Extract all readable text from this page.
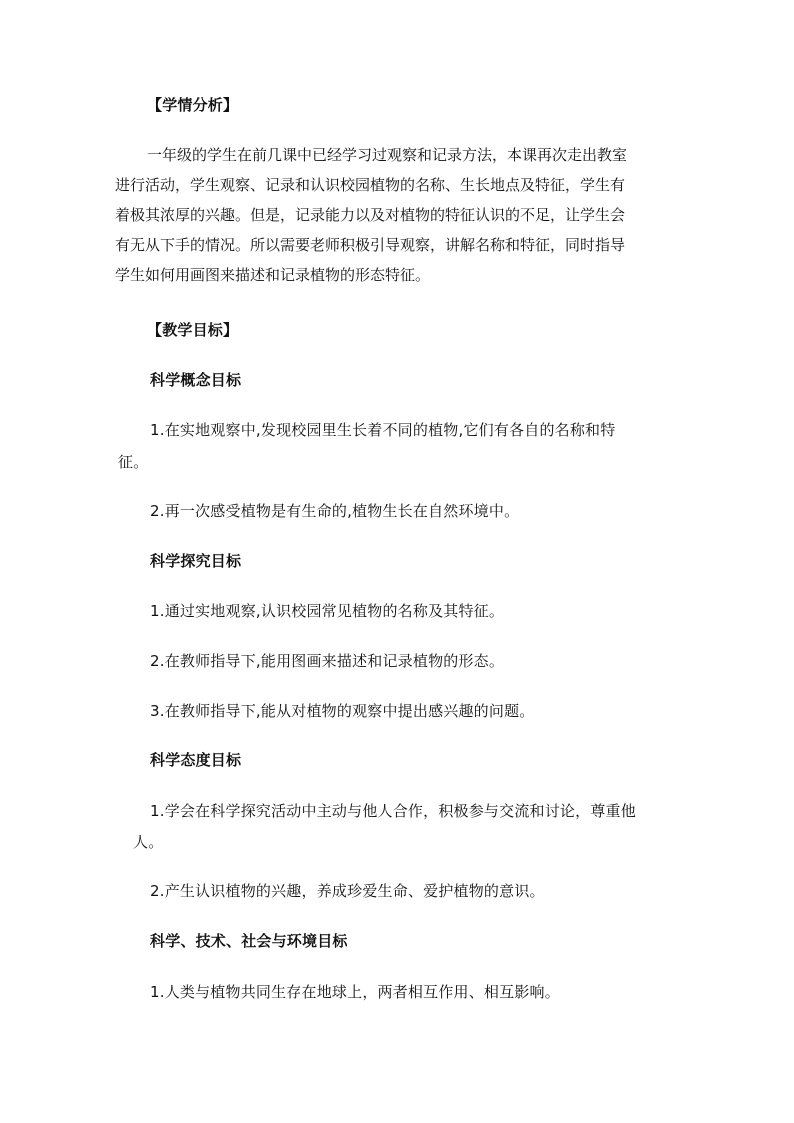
【学情分析】
一年级的学生在前几课中已经学习过观察和记录方法，本课再次走出教室
进行活动，学生观察、记录和认识校园植物的名称、生长地点及特征，学生有
着极其浓厚的兴趣。但是，记录能力以及对植物的特征认识的不足，让学生会
有无从下手的情况。所以需要老师积极引导观察，讲解名称和特征，同时指导
学生如何用画图来描述和记录植物的形态特征。
【教学目标】
科学概念目标
1.在实地观察中,发现校园里生长着不同的植物,它们有各自的名称和特
征。
2.再一次感受植物是有生命的,植物生长在自然环境中。
科学探究目标
1.通过实地观察,认识校园常见植物的名称及其特征。
2.在教师指导下,能用图画来描述和记录植物的形态。
3.在教师指导下,能从对植物的观察中提出感兴趣的问题。
科学态度目标
1.学会在科学探究活动中主动与他人合作，积极参与交流和讨论，尊重他
人。
2.产生认识植物的兴趣，养成珍爱生命、爱护植物的意识。
科学、技术、社会与环境目标
1.人类与植物共同生存在地球上，两者相互作用、相互影响。
